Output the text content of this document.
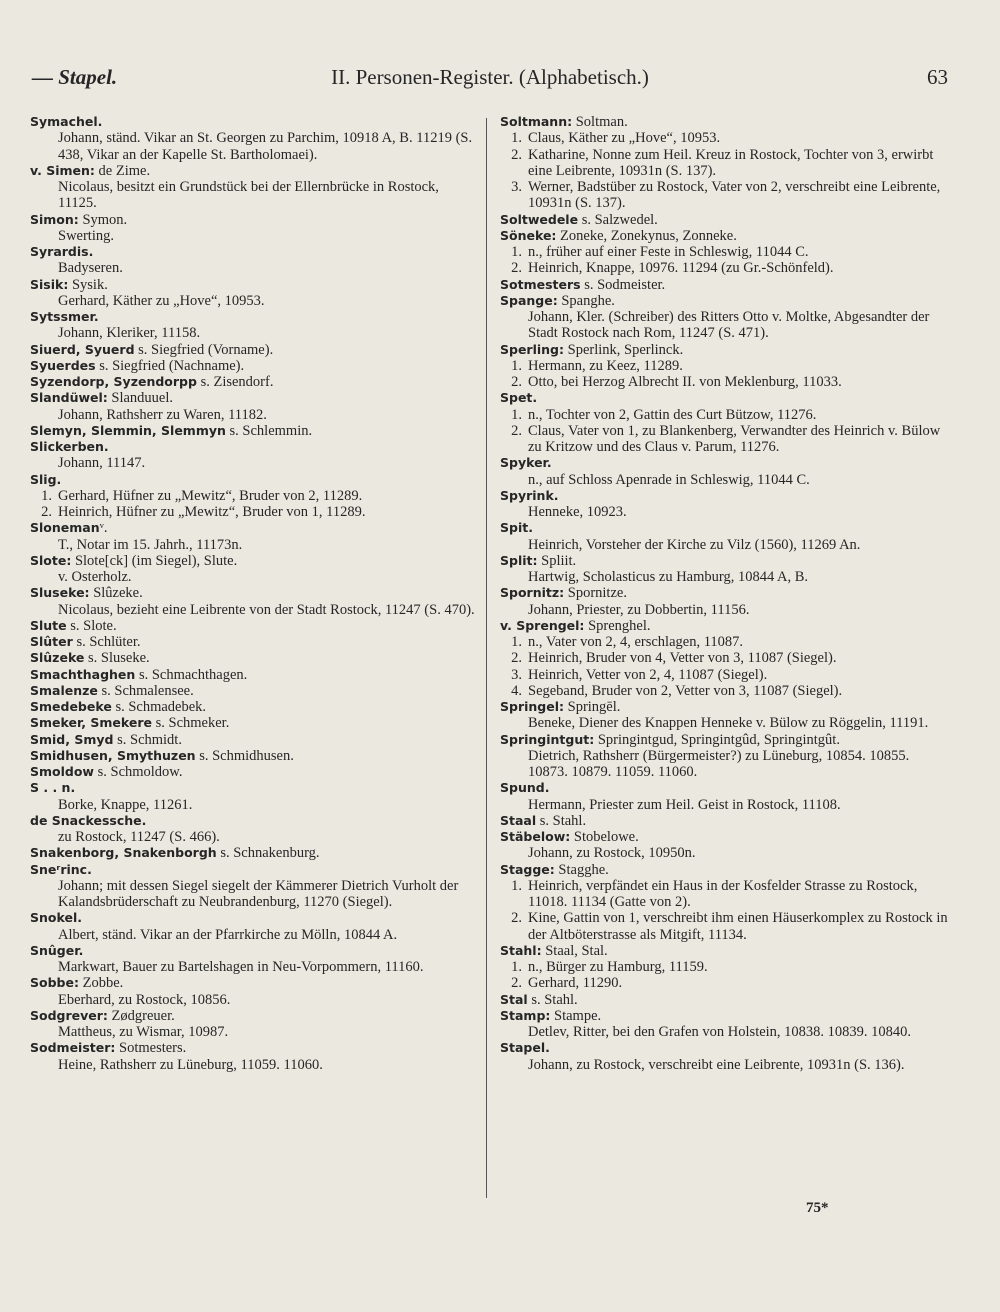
— Stapel.	II. Personen-Register. (Alphabetisch.)	63
Symachel.
Johann, ständ. Vikar an St. Georgen zu Parchim, 10918 A, B. 11219 (S. 438, Vikar an der Kapelle St. Bartholomaei).
v. Simen: de Zime.
Nicolaus, besitzt ein Grundstück bei der Ellernbrücke in Rostock, 11125.
Simon: Symon.
Swerting.
Syrardis.
Badyseren.
Sisik: Sysik.
Gerhard, Käther zu „Hove“, 10953.
Sytssmer.
Johann, Kleriker, 11158.
Siuerd, Syuerd s. Siegfried (Vorname).
Syuerdes s. Siegfried (Nachname).
Syzendorp, Syzendorpp s. Zisendorf.
Slandüwel: Slanduuel.
Johann, Rathsherr zu Waren, 11182.
Slemyn, Slemmin, Slemmyn s. Schlemmin.
Slickerben.
Johann, 11147.
Slig.
1. Gerhard, Hüfner zu „Mewitz“, Bruder von 2, 11289.
2. Heinrich, Hüfner zu „Mewitz“, Bruder von 1, 11289.
Slonemanᵛ.
T., Notar im 15. Jahrh., 11173n.
Slote: Slote[ck] (im Siegel), Slute.
v. Osterholz.
Sluseke: Slûzeke.
Nicolaus, bezieht eine Leibrente von der Stadt Rostock, 11247 (S. 470).
Slute s. Slote.
Slûter s. Schlüter.
Slûzeke s. Sluseke.
Smachthaghen s. Schmachthagen.
Smalenze s. Schmalensee.
Smedebeke s. Schmadebek.
Smeker, Smekere s. Schmeker.
Smid, Smyd s. Schmidt.
Smidhusen, Smythuzen s. Schmidhusen.
Smoldow s. Schmoldow.
S . . n.
Borke, Knappe, 11261.
de Snackessche.
zu Rostock, 11247 (S. 466).
Snakenborg, Snakenborgh s. Schnakenburg.
Sneʳrinc.
Johann; mit dessen Siegel siegelt der Kämmerer Dietrich Vurholt der Kalandsbrüderschaft zu Neubrandenburg, 11270 (Siegel).
Snokel.
Albert, ständ. Vikar an der Pfarrkirche zu Mölln, 10844 A.
Snûger.
Markwart, Bauer zu Bartelshagen in Neu-Vorpommern, 11160.
Sobbe: Zobbe.
Eberhard, zu Rostock, 10856.
Sodgrever: Zødgreuer.
Mattheus, zu Wismar, 10987.
Sodmeister: Sotmesters.
Heine, Rathsherr zu Lüneburg, 11059. 11060.
Soltmann: Soltman.
1. Claus, Käther zu „Hove“, 10953.
2. Katharine, Nonne zum Heil. Kreuz in Rostock, Tochter von 3, erwirbt eine Leibrente, 10931n (S. 137).
3. Werner, Badstüber zu Rostock, Vater von 2, verschreibt eine Leibrente, 10931n (S. 137).
Soltwedele s. Salzwedel.
Söneke: Zoneke, Zonekynus, Zonneke.
1. n., früher auf einer Feste in Schleswig, 11044 C.
2. Heinrich, Knappe, 10976. 11294 (zu Gr.-Schönfeld).
Sotmesters s. Sodmeister.
Spange: Spanghe.
Johann, Kler. (Schreiber) des Ritters Otto v. Moltke, Abgesandter der Stadt Rostock nach Rom, 11247 (S. 471).
Sperling: Sperlink, Sperlinck.
1. Hermann, zu Keez, 11289.
2. Otto, bei Herzog Albrecht II. von Meklenburg, 11033.
Spet.
1. n., Tochter von 2, Gattin des Curt Bützow, 11276.
2. Claus, Vater von 1, zu Blankenberg, Verwandter des Heinrich v. Bülow zu Kritzow und des Claus v. Parum, 11276.
Spyker.
n., auf Schloss Apenrade in Schleswig, 11044 C.
Spyrink.
Henneke, 10923.
Spit.
Heinrich, Vorsteher der Kirche zu Vilz (1560), 11269 An.
Split: Spliit.
Hartwig, Scholasticus zu Hamburg, 10844 A, B.
Spornitz: Spornitze.
Johann, Priester, zu Dobbertin, 11156.
v. Sprengel: Sprenghel.
1. n., Vater von 2, 4, erschlagen, 11087.
2. Heinrich, Bruder von 4, Vetter von 3, 11087 (Siegel).
3. Heinrich, Vetter von 2, 4, 11087 (Siegel).
4. Segeband, Bruder von 2, Vetter von 3, 11087 (Siegel).
Springel: Springēl.
Beneke, Diener des Knappen Henneke v. Bülow zu Röggelin, 11191.
Springintgut: Springintgud, Springintgûd, Springintgût.
Dietrich, Rathsherr (Bürgermeister?) zu Lüneburg, 10854. 10855. 10873. 10879. 11059. 11060.
Spund.
Hermann, Priester zum Heil. Geist in Rostock, 11108.
Staal s. Stahl.
Stäbelow: Stobelowe.
Johann, zu Rostock, 10950n.
Stagge: Stagghe.
1. Heinrich, verpfändet ein Haus in der Kosfelder Strasse zu Rostock, 11018. 11134 (Gatte von 2).
2. Kine, Gattin von 1, verschreibt ihm einen Häuserkomplex zu Rostock in der Altböterstrasse als Mitgift, 11134.
Stahl: Staal, Stal.
1. n., Bürger zu Hamburg, 11159.
2. Gerhard, 11290.
Stal s. Stahl.
Stamp: Stampe.
Detlev, Ritter, bei den Grafen von Holstein, 10838. 10839. 10840.
Stapel.
Johann, zu Rostock, verschreibt eine Leibrente, 10931n (S. 136).
75*
